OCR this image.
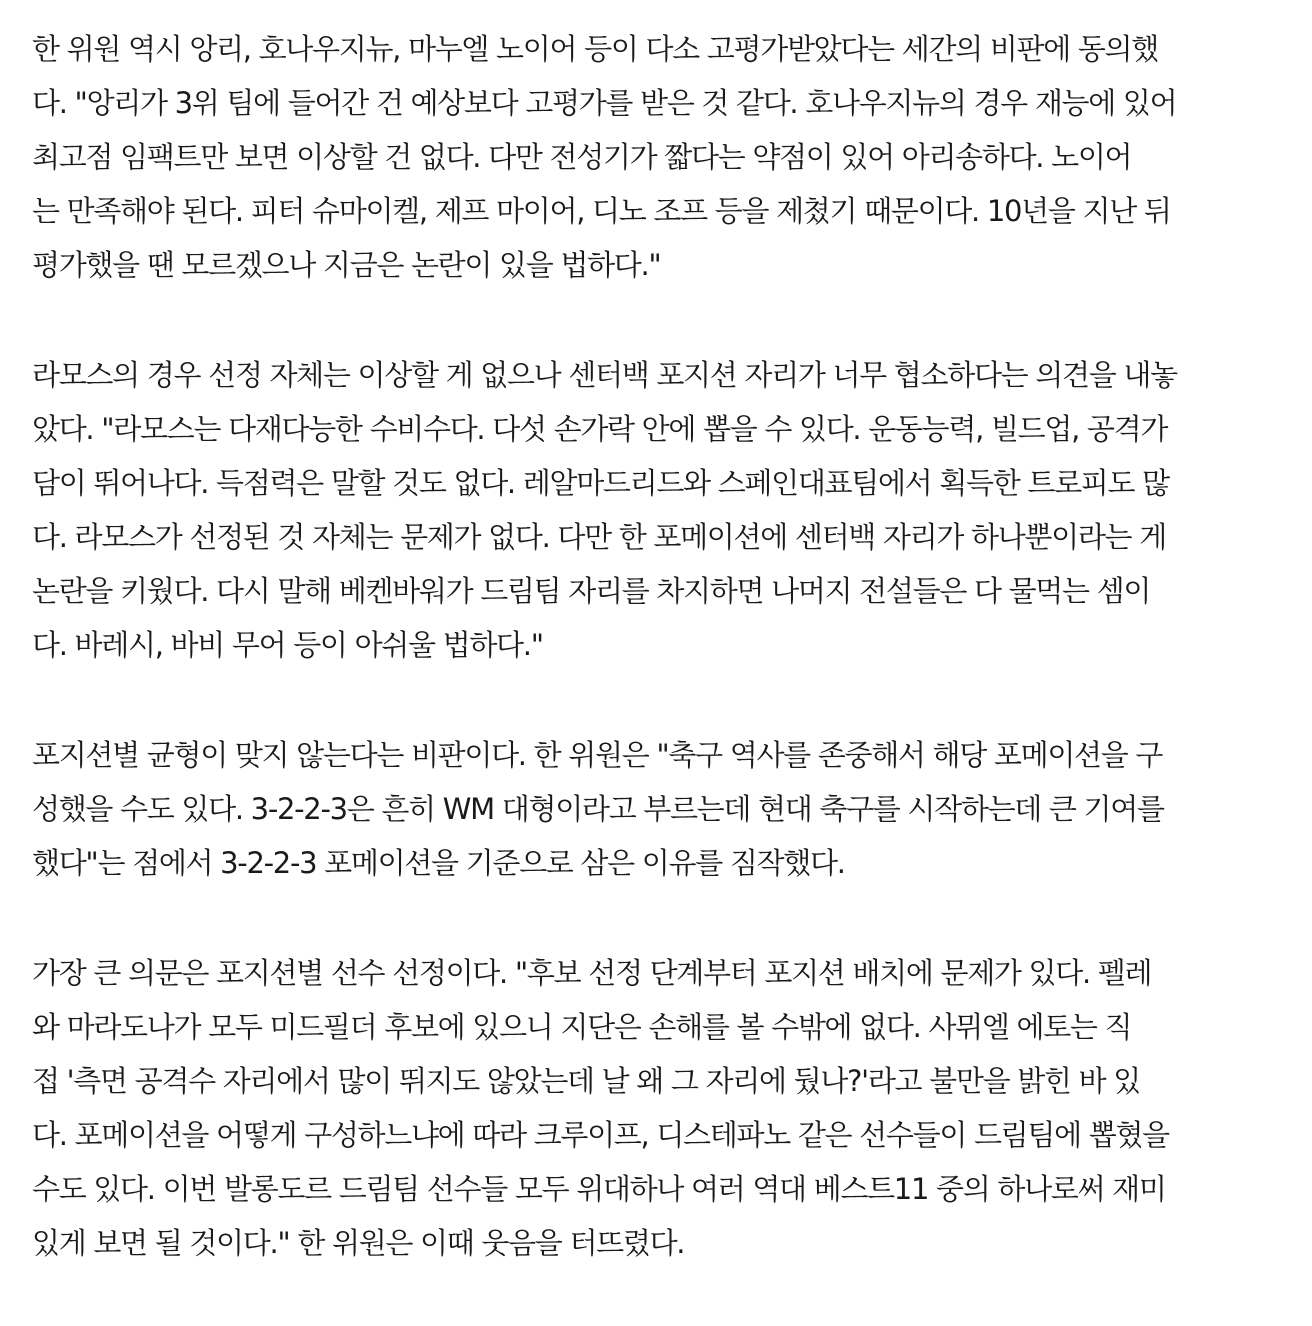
한 위원 역시 앙리, 호나우지뉴, 마누엘 노이어 등이 다소 고평가받았다는 세간의 비판에 동의했
다. "앙리가 3위 팀에 들어간 건 예상보다 고평가를 받은 것 같다. 호나우지뉴의 경우 재능에 있어
최고점 임팩트만 보면 이상할 건 없다. 다만 전성기가 짧다는 약점이 있어 아리송하다. 노이어
는 만족해야 된다. 피터 슈마이켈, 제프 마이어, 디노 조프 등을 제쳤기 때문이다. 10년을 지난 뒤
평가했을 땐 모르겠으나 지금은 논란이 있을 법하다."
라모스의 경우 선정 자체는 이상할 게 없으나 센터백 포지션 자리가 너무 협소하다는 의견을 내놓
았다. "라모스는 다재다능한 수비수다. 다섯 손가락 안에 뽑을 수 있다. 운동능력, 빌드업, 공격가
담이 뛰어나다. 득점력은 말할 것도 없다. 레알마드리드와 스페인대표팀에서 획득한 트로피도 많
다. 라모스가 선정된 것 자체는 문제가 없다. 다만 한 포메이션에 센터백 자리가 하나뿐이라는 게
논란을 키웠다. 다시 말해 베켄바워가 드림팀 자리를 차지하면 나머지 전설들은 다 물먹는 셈이
다. 바레시, 바비 무어 등이 아쉬울 법하다."
포지션별 균형이 맞지 않는다는 비판이다. 한 위원은 "축구 역사를 존중해서 해당 포메이션을 구
성했을 수도 있다. 3-2-2-3은 흔히 WM 대형이라고 부르는데 현대 축구를 시작하는데 큰 기여를
했다"는 점에서 3-2-2-3 포메이션을 기준으로 삼은 이유를 짐작했다.
가장 큰 의문은 포지션별 선수 선정이다. "후보 선정 단계부터 포지션 배치에 문제가 있다. 펠레
와 마라도나가 모두 미드필더 후보에 있으니 지단은 손해를 볼 수밖에 없다. 사뮈엘 에토는 직
접 '측면 공격수 자리에서 많이 뛰지도 않았는데 날 왜 그 자리에 뒀나?'라고 불만을 밝힌 바 있
다. 포메이션을 어떻게 구성하느냐에 따라 크루이프, 디스테파노 같은 선수들이 드림팀에 뽑혔을
수도 있다. 이번 발롱도르 드림팀 선수들 모두 위대하나 여러 역대 베스트11 중의 하나로써 재미
있게 보면 될 것이다." 한 위원은 이때 웃음을 터뜨렸다.
